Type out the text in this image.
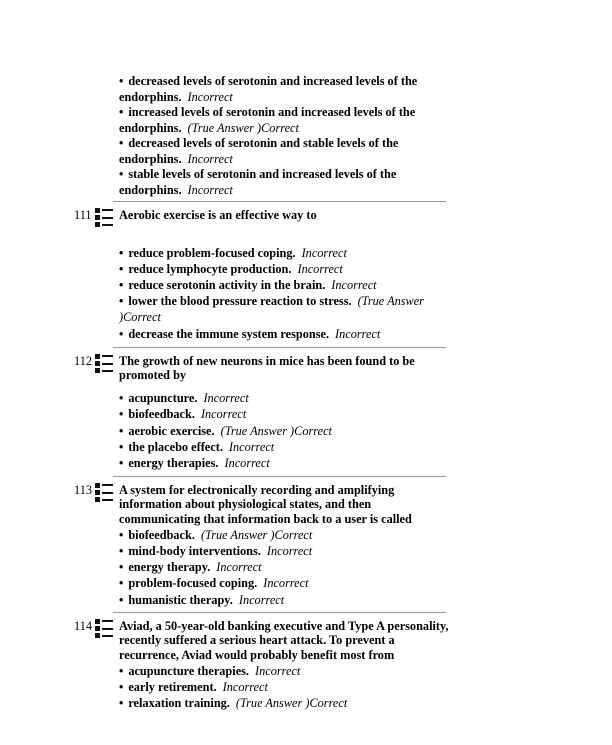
• decreased levels of serotonin and increased levels of the endorphins. Incorrect
• increased levels of serotonin and increased levels of the endorphins. (True Answer )Correct
• decreased levels of serotonin and stable levels of the endorphins. Incorrect
• stable levels of serotonin and increased levels of the endorphins. Incorrect
111 Aerobic exercise is an effective way to
• reduce problem-focused coping. Incorrect
• reduce lymphocyte production. Incorrect
• reduce serotonin activity in the brain. Incorrect
• lower the blood pressure reaction to stress. (True Answer )Correct
• decrease the immune system response. Incorrect
112 The growth of new neurons in mice has been found to be promoted by
• acupuncture. Incorrect
• biofeedback. Incorrect
• aerobic exercise. (True Answer )Correct
• the placebo effect. Incorrect
• energy therapies. Incorrect
113 A system for electronically recording and amplifying information about physiological states, and then communicating that information back to a user is called
• biofeedback. (True Answer )Correct
• mind-body interventions. Incorrect
• energy therapy. Incorrect
• problem-focused coping. Incorrect
• humanistic therapy. Incorrect
114 Aviad, a 50-year-old banking executive and Type A personality, recently suffered a serious heart attack. To prevent a recurrence, Aviad would probably benefit most from
• acupuncture therapies. Incorrect
• early retirement. Incorrect
• relaxation training. (True Answer )Correct
